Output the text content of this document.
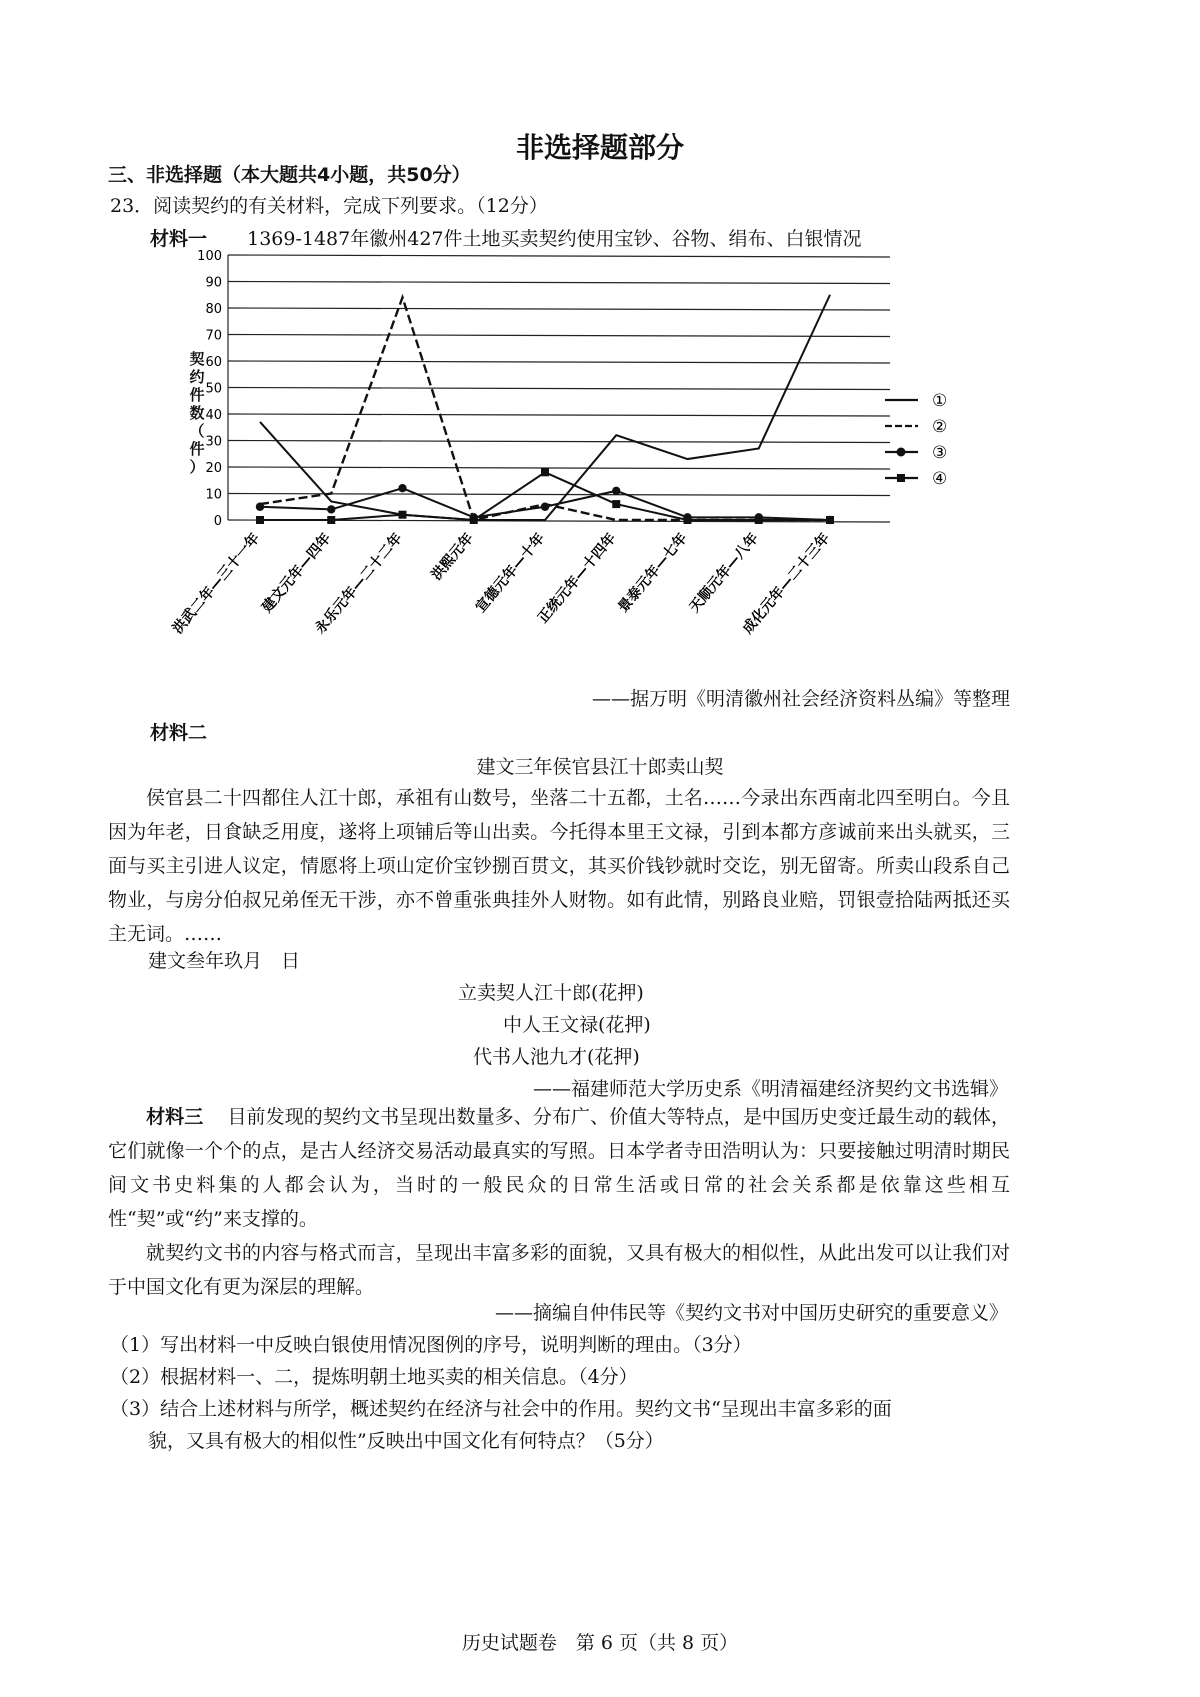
非选择题部分
三、非选择题（本大题共4小题，共50分）
23．阅读契约的有关材料，完成下列要求。（12分）
材料一 1369-1487年徽州427件土地买卖契约使用宝钞、谷物、绢布、白银情况
契
约
件
数
（
件
）
0
10
20
30
40
50
60
70
80
90
100
洪武二年—三十一年
建文元年—四年
永乐元年—二十二年 洪熙元年
宣德元年—十年
正统元年—十四年
景泰元年—七年
天顺元年—八年
成化元年—二十三年
①
②
③
④
——据万明《明清徽州社会经济资料丛编》等整理
材料二
建文三年侯官县江十郎卖山契
侯官县二十四都住人江十郎，承祖有山数号，坐落二十五都，土名……今录出东西南北四至明白。今且因为年老，日食缺乏用度，遂将上项铺后等山出卖。今托得本里王文禄，引到本都方彦诚前来出头就买，三面与买主引进人议定，情愿将上项山定价宝钞捌百贯文，其买价钱钞就时交讫，别无留寄。所卖山段系自己物业，与房分伯叔兄弟侄无干涉，亦不曾重张典挂外人财物。如有此情，别路良业赔，罚银壹拾陆两抵还买主无词。……
建文叁年玖月　日
立卖契人江十郎(花押)
中人王文禄(花押)
代书人池九才(花押)
——福建师范大学历史系《明清福建经济契约文书选辑》
材料三 目前发现的契约文书呈现出数量多、分布广、价值大等特点，是中国历史变迁最生动的载体，它们就像一个个的点，是古人经济交易活动最真实的写照。日本学者寺田浩明认为：只要接触过明清时期民间文书史料集的人都会认为，当时的一般民众的日常生活或日常的社会关系都是依靠这些相互性“契”或“约”来支撑的。
就契约文书的内容与格式而言，呈现出丰富多彩的面貌，又具有极大的相似性，从此出发可以让我们对于中国文化有更为深层的理解。
——摘编自仲伟民等《契约文书对中国历史研究的重要意义》
（1）写出材料一中反映白银使用情况图例的序号，说明判断的理由。（3分）
（2）根据材料一、二，提炼明朝土地买卖的相关信息。（4分）
（3）结合上述材料与所学，概述契约在经济与社会中的作用。契约文书“呈现出丰富多彩的面
貌，又具有极大的相似性”反映出中国文化有何特点？（5分）
历史试题卷　第 6 页（共 8 页）
